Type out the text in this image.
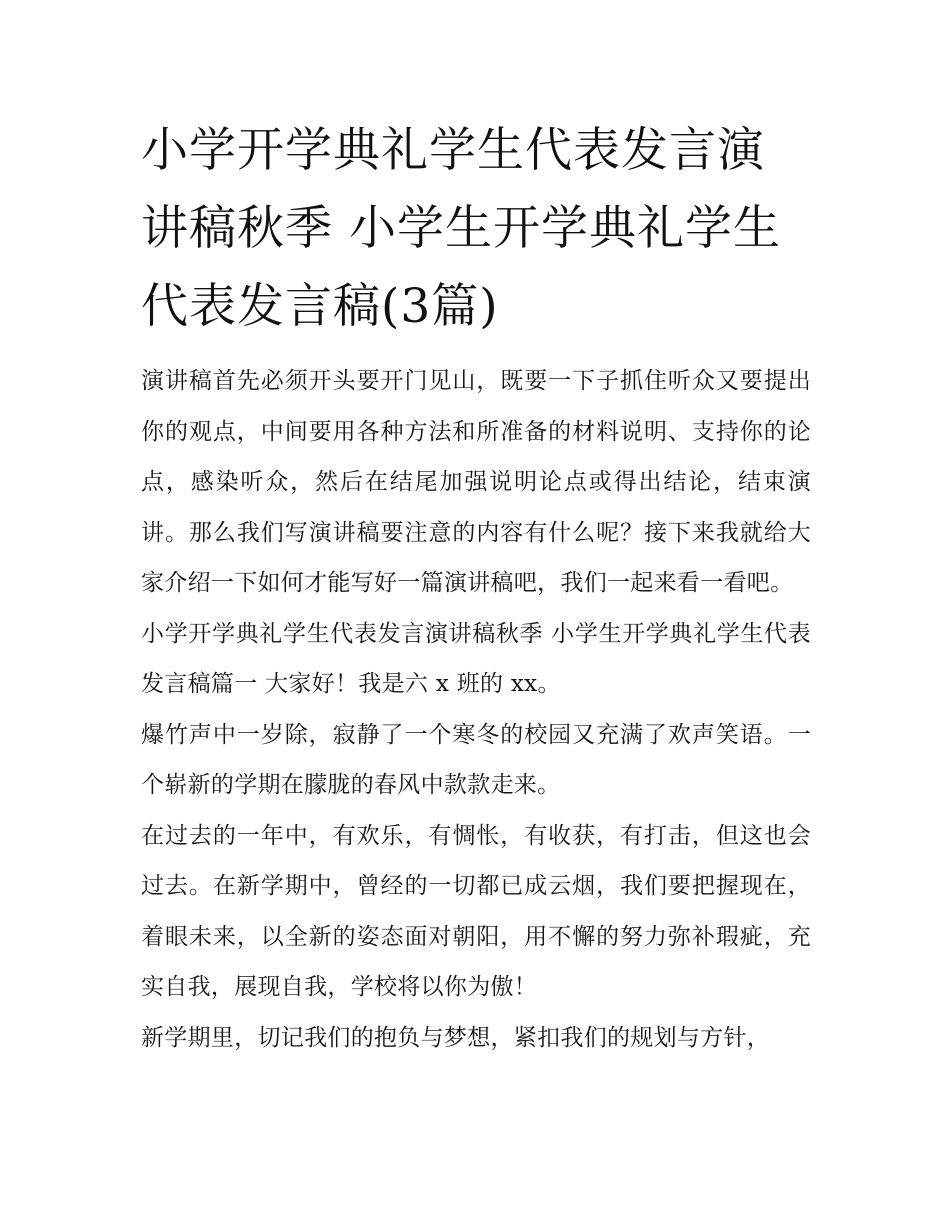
小学开学典礼学生代表发言演讲稿秋季 小学生开学典礼学生代表发言稿(3篇)

演讲稿首先必须开头要开门见山，既要一下子抓住听众又要提出你的观点，中间要用各种方法和所准备的材料说明、支持你的论点，感染听众，然后在结尾加强说明论点或得出结论，结束演讲。那么我们写演讲稿要注意的内容有什么呢？接下来我就给大家介绍一下如何才能写好一篇演讲稿吧，我们一起来看一看吧。

小学开学典礼学生代表发言演讲稿秋季 小学生开学典礼学生代表发言稿篇一 大家好！我是六 x 班的 xx。

爆竹声中一岁除，寂静了一个寒冬的校园又充满了欢声笑语。一个崭新的学期在朦胧的春风中款款走来。

在过去的一年中，有欢乐，有惆怅，有收获，有打击，但这也会过去。在新学期中，曾经的一切都已成云烟，我们要把握现在，着眼未来，以全新的姿态面对朝阳，用不懈的努力弥补瑕疵，充实自我，展现自我，学校将以你为傲！

新学期里，切记我们的抱负与梦想，紧扣我们的规划与方针，
